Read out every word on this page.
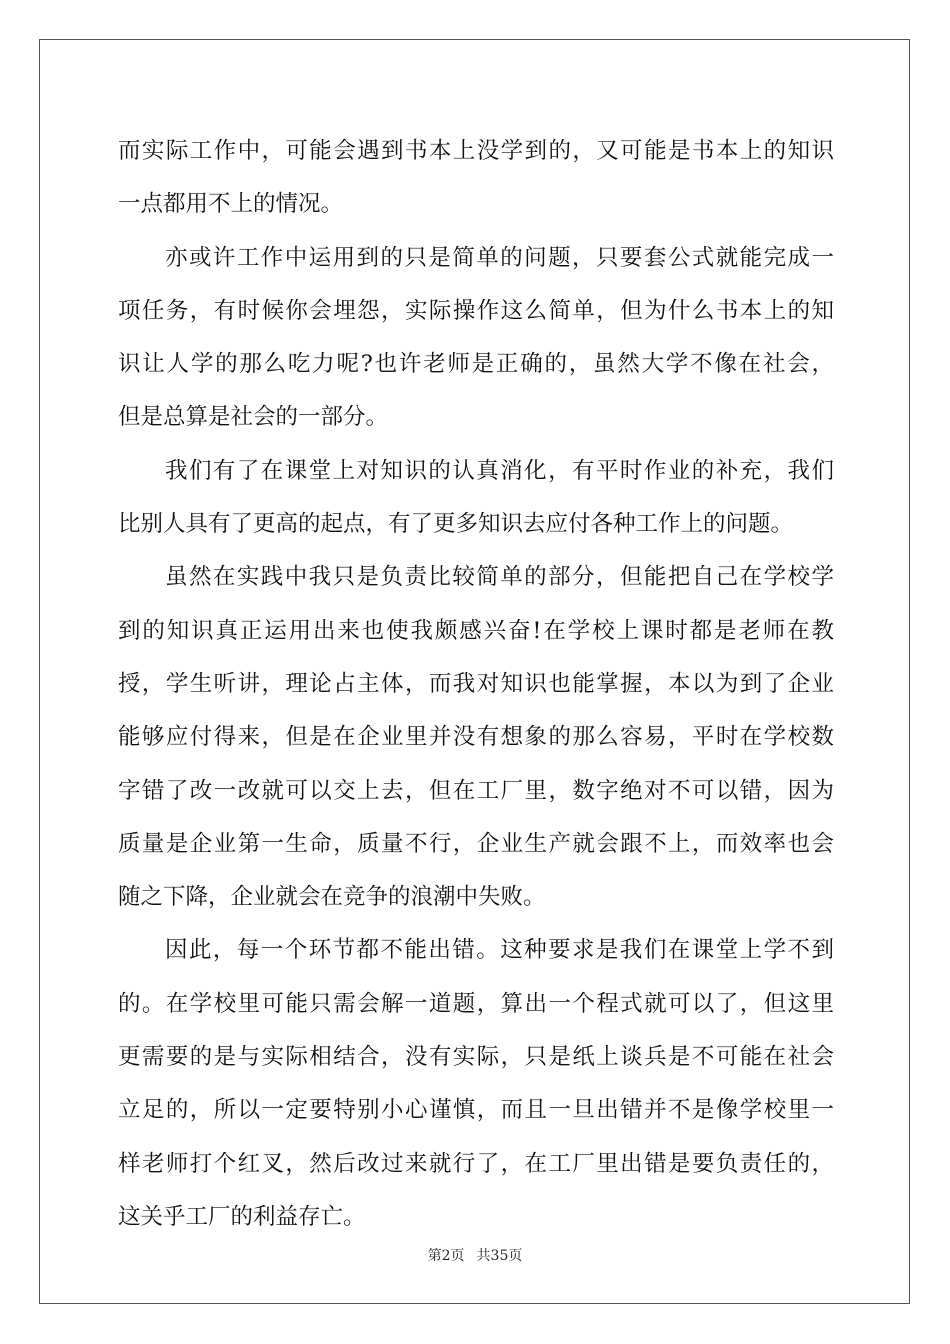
而实际工作中，可能会遇到书本上没学到的，又可能是书本上的知识
一点都用不上的情况。
亦或许工作中运用到的只是简单的问题，只要套公式就能完成一
项任务，有时候你会埋怨，实际操作这么简单，但为什么书本上的知
识让人学的那么吃力呢?也许老师是正确的，虽然大学不像在社会，
但是总算是社会的一部分。
我们有了在课堂上对知识的认真消化，有平时作业的补充，我们
比别人具有了更高的起点，有了更多知识去应付各种工作上的问题。
虽然在实践中我只是负责比较简单的部分，但能把自己在学校学
到的知识真正运用出来也使我颇感兴奋!在学校上课时都是老师在教
授，学生听讲，理论占主体，而我对知识也能掌握，本以为到了企业
能够应付得来，但是在企业里并没有想象的那么容易，平时在学校数
字错了改一改就可以交上去，但在工厂里，数字绝对不可以错，因为
质量是企业第一生命，质量不行，企业生产就会跟不上，而效率也会
随之下降，企业就会在竞争的浪潮中失败。
因此，每一个环节都不能出错。这种要求是我们在课堂上学不到
的。在学校里可能只需会解一道题，算出一个程式就可以了，但这里
更需要的是与实际相结合，没有实际，只是纸上谈兵是不可能在社会
立足的，所以一定要特别小心谨慎，而且一旦出错并不是像学校里一
样老师打个红叉，然后改过来就行了，在工厂里出错是要负责任的，
这关乎工厂的利益存亡。
第2页 共35页
